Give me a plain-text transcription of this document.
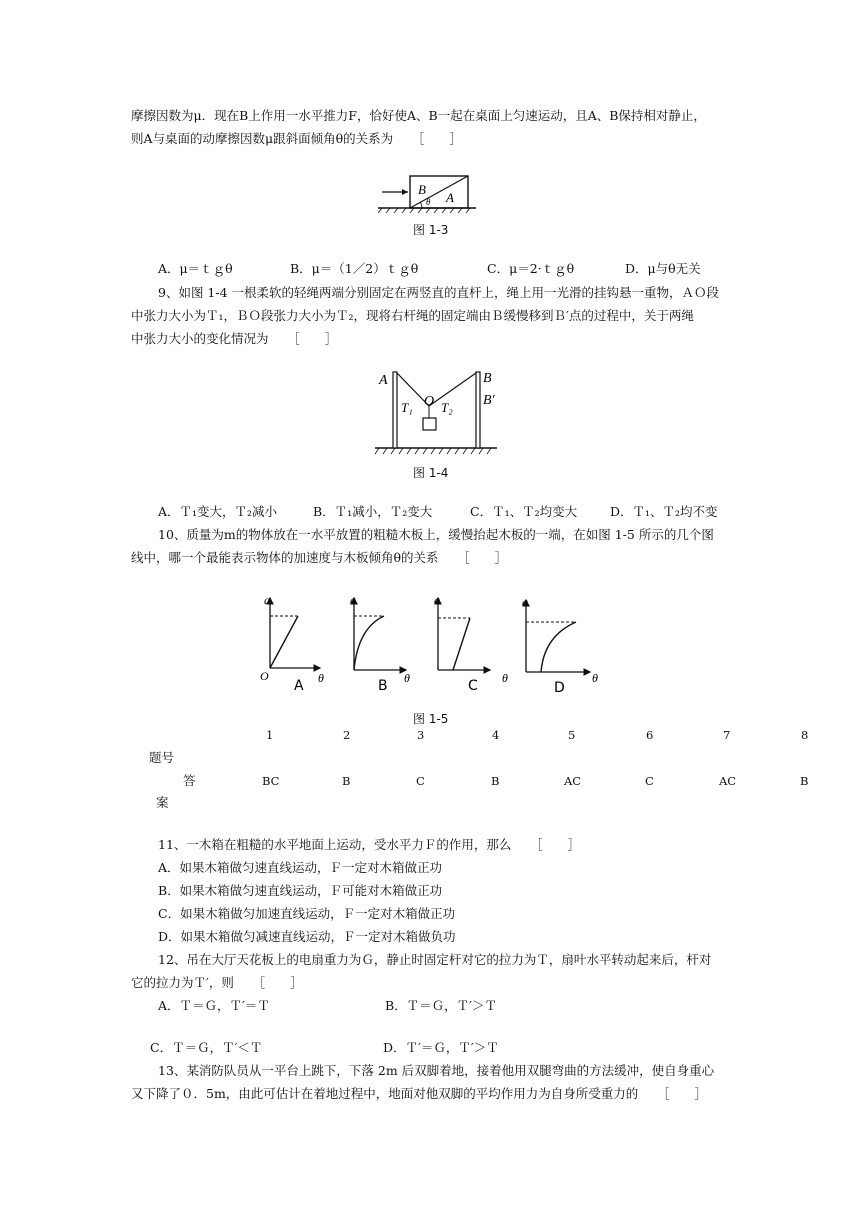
摩擦因数为μ．现在B上作用一水平推力F，恰好使A、B一起在桌面上匀速运动，且A、B保持相对静止，
则A与桌面的动摩擦因数μ跟斜面倾角θ的关系为　　［　　］
B
A
θ
图 1-3
A．μ＝ｔｇθ	B．μ＝（1／2）ｔｇθ	C．μ＝2·ｔｇθ	D．μ与θ无关
9、如图 1-4 一根柔软的轻绳两端分别固定在两竖直的直杆上，绳上用一光滑的挂钩悬一重物，ＡＯ段
中张力大小为Ｔ₁，ＢＯ段张力大小为Ｔ₂，现将右杆绳的固定端由Ｂ缓慢移到Ｂ′点的过程中，关于两绳
中张力大小的变化情况为　　［　　］
A	B
B′
O
T₁ T₂
图 1-4
A．Ｔ₁变大，Ｔ₂减小	B．Ｔ₁减小，Ｔ₂变大	C．Ｔ₁、Ｔ₂均变大	D．Ｔ₁、Ｔ₂均不变
10、质量为m的物体放在一水平放置的粗糙木板上，缓慢抬起木板的一端，在如图 1-5 所示的几个图
线中，哪一个最能表示物体的加速度与木板倾角θ的关系　　［　　］
a
O	θ
A
a
θ
B
a
θ
C
a
θ
D
图 1-5
1	2	3	4	5	6	7	8
题号
答	BC	B	C	B	AC	C	AC	B
案
11、一木箱在粗糙的水平地面上运动，受水平力Ｆ的作用，那么　　［　　］
A．如果木箱做匀速直线运动，Ｆ一定对木箱做正功
B．如果木箱做匀速直线运动，Ｆ可能对木箱做正功
C．如果木箱做匀加速直线运动，Ｆ一定对木箱做正功
D．如果木箱做匀减速直线运动，Ｆ一定对木箱做负功
12、吊在大厅天花板上的电扇重力为Ｇ，静止时固定杆对它的拉力为Ｔ，扇叶水平转动起来后，杆对
它的拉力为Ｔ′，则　　［　　］
A．Ｔ＝Ｇ，Ｔ′＝Ｔ	B．Ｔ＝Ｇ，Ｔ′＞Ｔ
C．Ｔ＝Ｇ，Ｔ′＜Ｔ	D．Ｔ′＝Ｇ，Ｔ′＞Ｔ
13、某消防队员从一平台上跳下，下落 2m 后双脚着地，接着他用双腿弯曲的方法缓冲，使自身重心
又下降了０．5m，由此可估计在着地过程中，地面对他双脚的平均作用力为自身所受重力的　　［　　］
